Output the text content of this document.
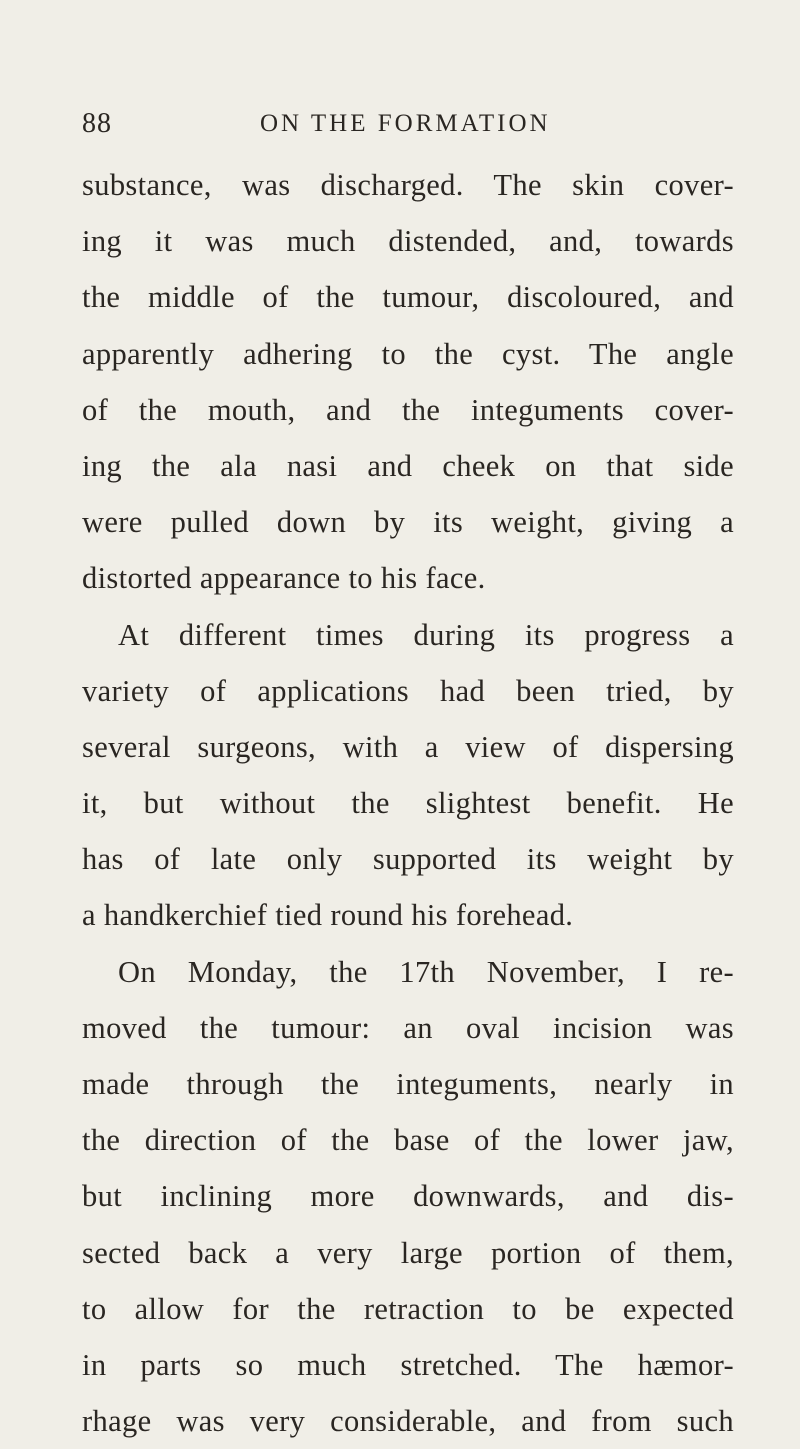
88	ON THE FORMATION
substance, was discharged. The skin cover-
ing it was much distended, and, towards
the middle of the tumour, discoloured, and
apparently adhering to the cyst. The angle
of the mouth, and the integuments cover-
ing the ala nasi and cheek on that side
were pulled down by its weight, giving a
distorted appearance to his face.
At different times during its progress a
variety of applications had been tried, by
several surgeons, with a view of dispersing
it, but without the slightest benefit. He
has of late only supported its weight by
a handkerchief tied round his forehead.
On Monday, the 17th November, I re-
moved the tumour: an oval incision was
made through the integuments, nearly in
the direction of the base of the lower jaw,
but inclining more downwards, and dis-
sected back a very large portion of them,
to allow for the retraction to be expected
in parts so much stretched. The hæmor-
rhage was very considerable, and from such
